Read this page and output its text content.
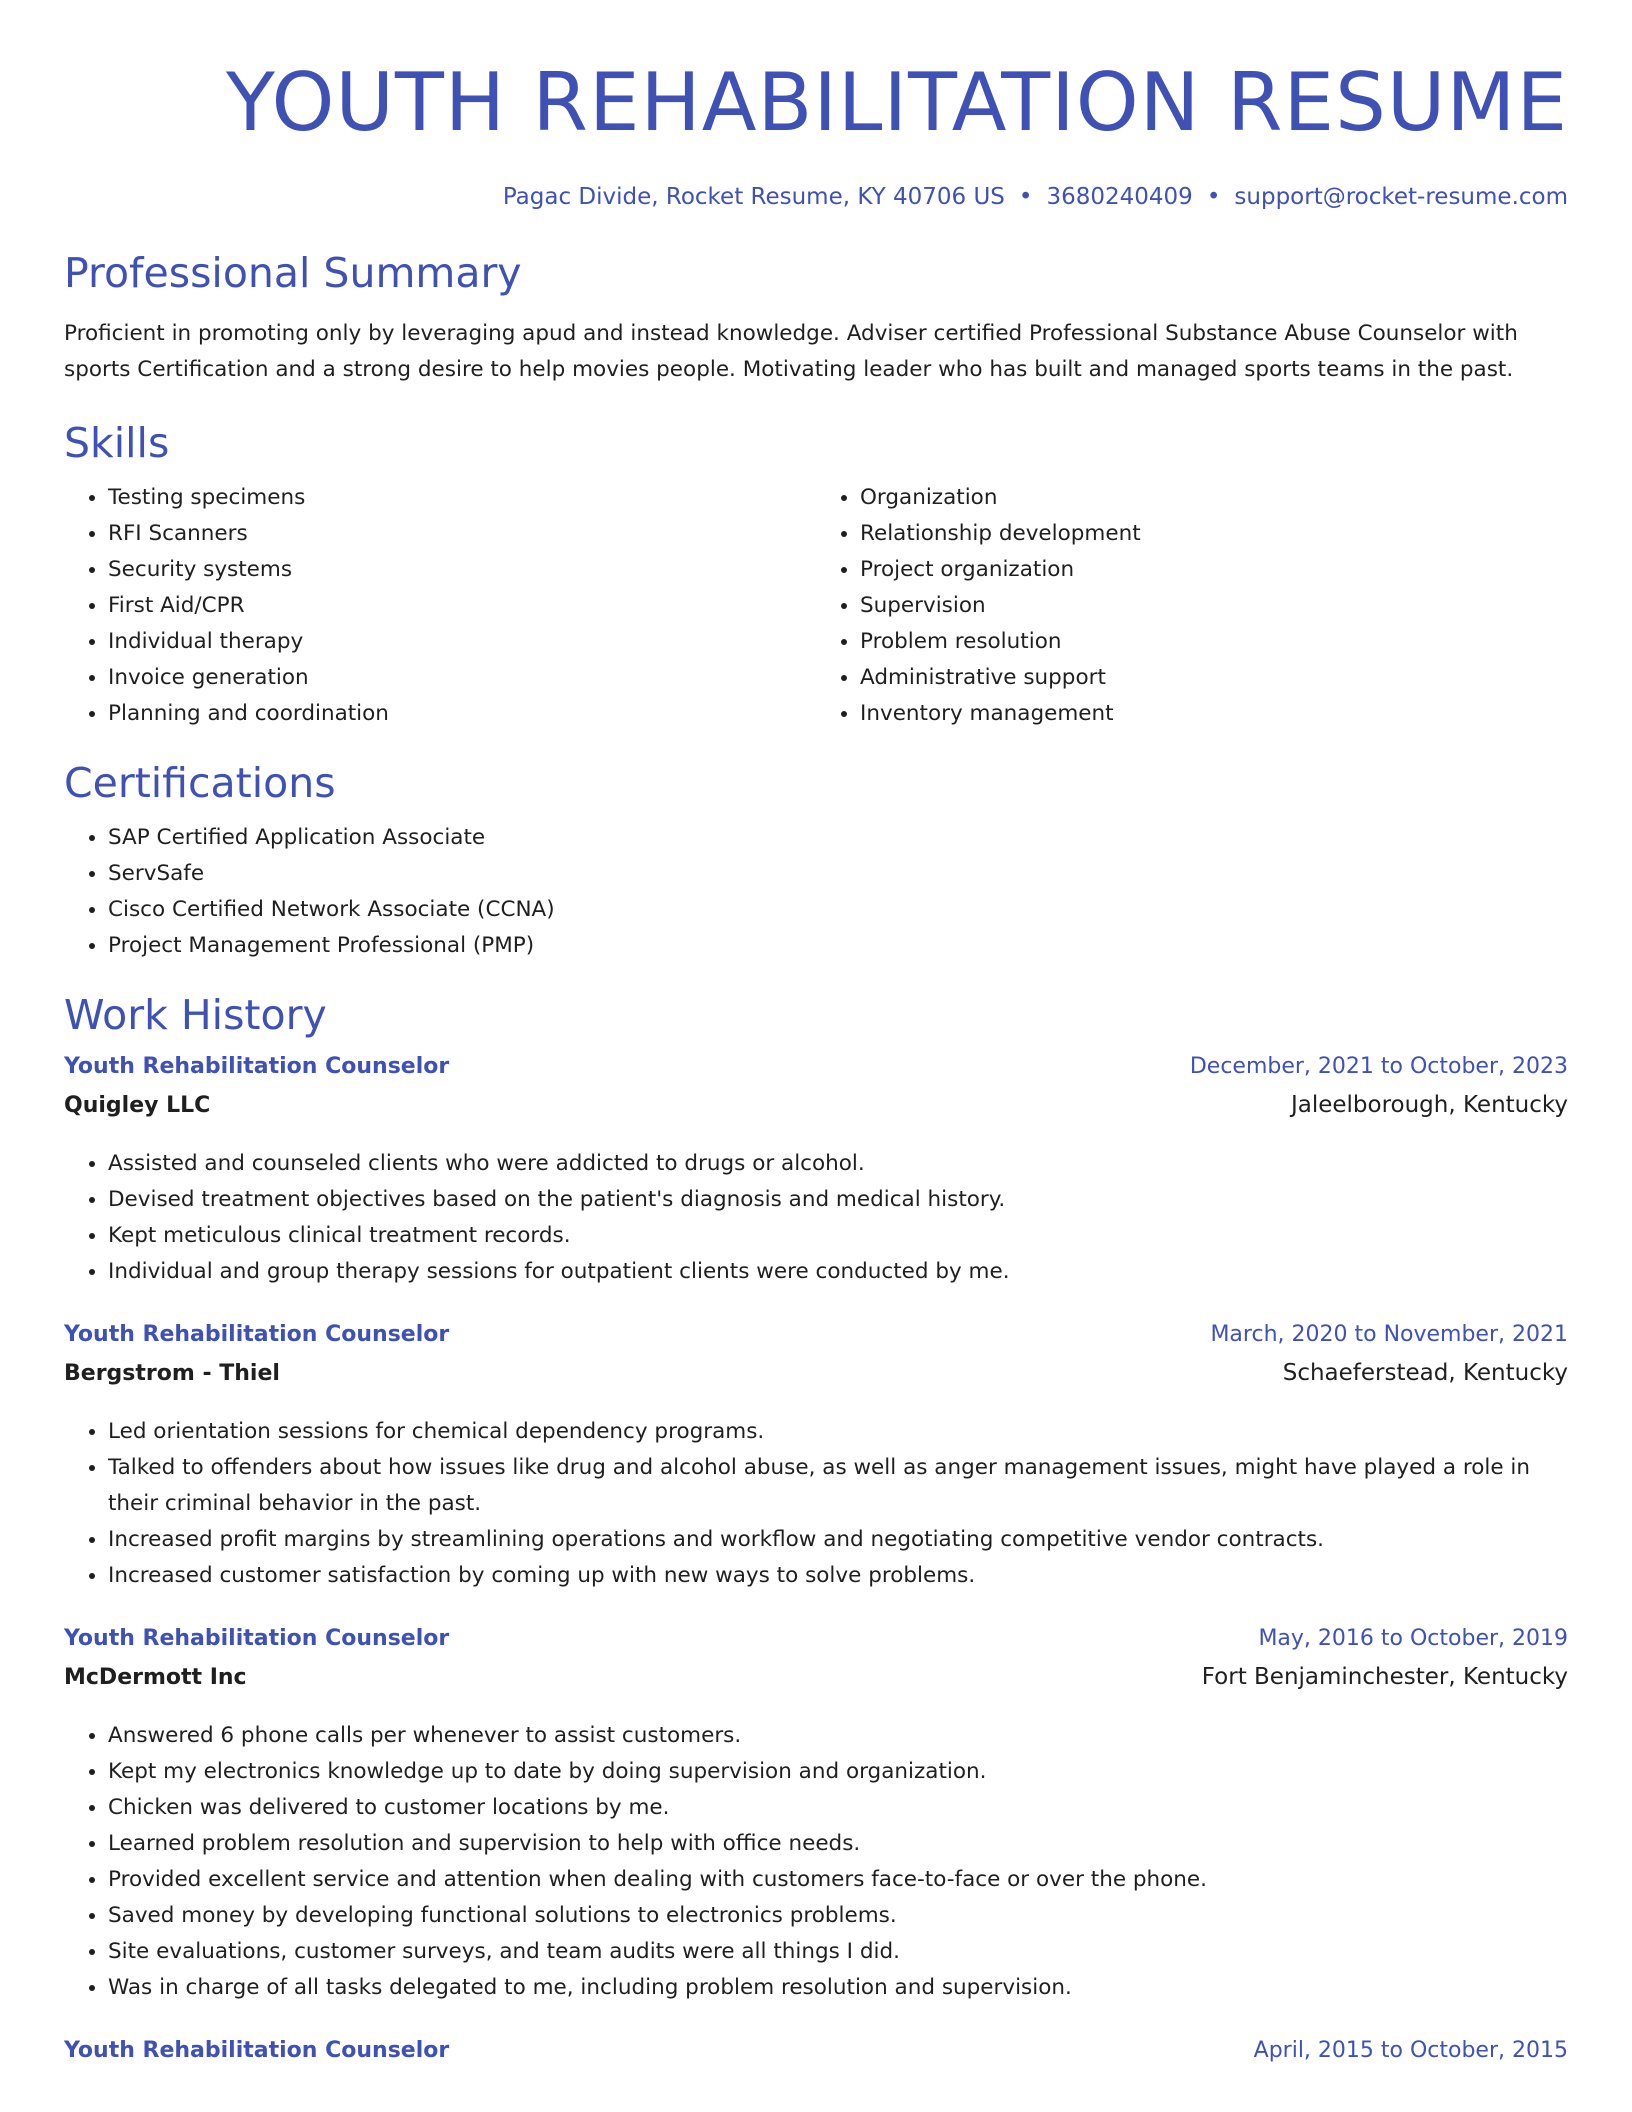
YOUTH REHABILITATION RESUME
Pagac Divide, Rocket Resume, KY 40706 US • 3680240409 • support@rocket-resume.com
Professional Summary
Proficient in promoting only by leveraging apud and instead knowledge. Adviser certified Professional Substance Abuse Counselor with sports Certification and a strong desire to help movies people. Motivating leader who has built and managed sports teams in the past.
Skills
• Testing specimens
• RFI Scanners
• Security systems
• First Aid/CPR
• Individual therapy
• Invoice generation
• Planning and coordination
• Organization
• Relationship development
• Project organization
• Supervision
• Problem resolution
• Administrative support
• Inventory management
Certifications
• SAP Certified Application Associate
• ServSafe
• Cisco Certified Network Associate (CCNA)
• Project Management Professional (PMP)
Work History
Youth Rehabilitation Counselor	December, 2021 to October, 2023
Quigley LLC	Jaleelborough, Kentucky
• Assisted and counseled clients who were addicted to drugs or alcohol.
• Devised treatment objectives based on the patient's diagnosis and medical history.
• Kept meticulous clinical treatment records.
• Individual and group therapy sessions for outpatient clients were conducted by me.
Youth Rehabilitation Counselor	March, 2020 to November, 2021
Bergstrom - Thiel	Schaeferstead, Kentucky
• Led orientation sessions for chemical dependency programs.
• Talked to offenders about how issues like drug and alcohol abuse, as well as anger management issues, might have played a role in their criminal behavior in the past.
• Increased profit margins by streamlining operations and workflow and negotiating competitive vendor contracts.
• Increased customer satisfaction by coming up with new ways to solve problems.
Youth Rehabilitation Counselor	May, 2016 to October, 2019
McDermott Inc	Fort Benjaminchester, Kentucky
• Answered 6 phone calls per whenever to assist customers.
• Kept my electronics knowledge up to date by doing supervision and organization.
• Chicken was delivered to customer locations by me.
• Learned problem resolution and supervision to help with office needs.
• Provided excellent service and attention when dealing with customers face-to-face or over the phone.
• Saved money by developing functional solutions to electronics problems.
• Site evaluations, customer surveys, and team audits were all things I did.
• Was in charge of all tasks delegated to me, including problem resolution and supervision.
Youth Rehabilitation Counselor	April, 2015 to October, 2015
